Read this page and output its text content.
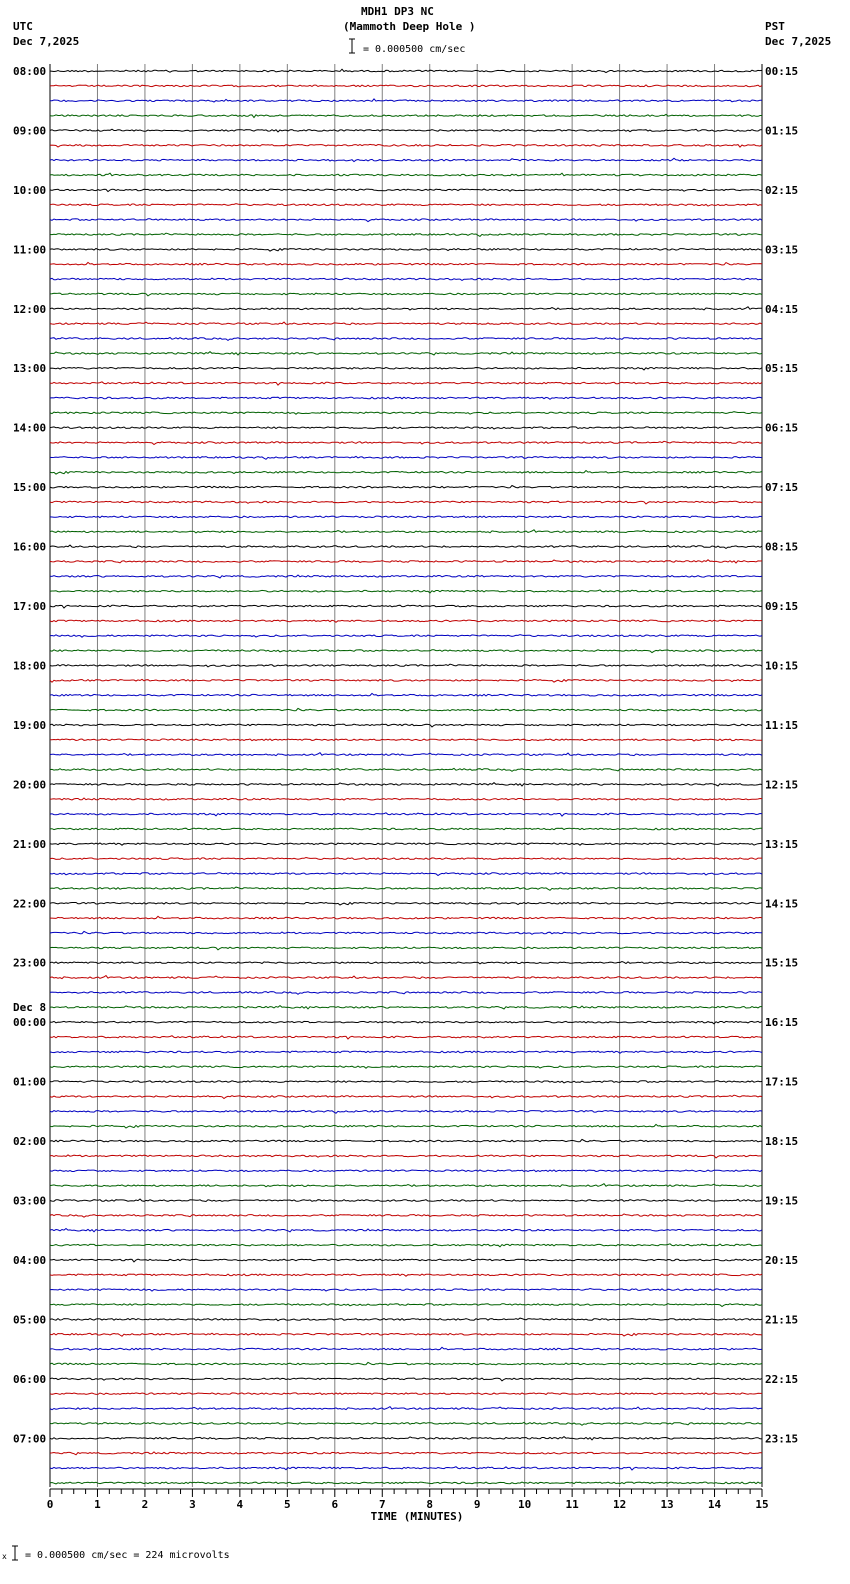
MDH1 DP3 NC
(Mammoth Deep Hole )
UTC
Dec 7,2025
PST
Dec 7,2025
= 0.000500 cm/sec
x = 0.000500 cm/sec = 224 microvolts
08:00
09:00
10:00
11:00
12:00
13:00
14:00
15:00
16:00
17:00
18:00
19:00
20:00
21:00
22:00
23:00
00:00
Dec 8
01:00
02:00
03:00
04:00
05:00
06:00
07:00
00:15
01:15
02:15
03:15
04:15
05:15
06:15
07:15
08:15
09:15
10:15
11:15
12:15
13:15
14:15
15:15
16:15
17:15
18:15
19:15
20:15
21:15
22:15
23:15
0	1	2	3	4	5	6	7	8	9	10	11	12	13	14	15
TIME (MINUTES)
